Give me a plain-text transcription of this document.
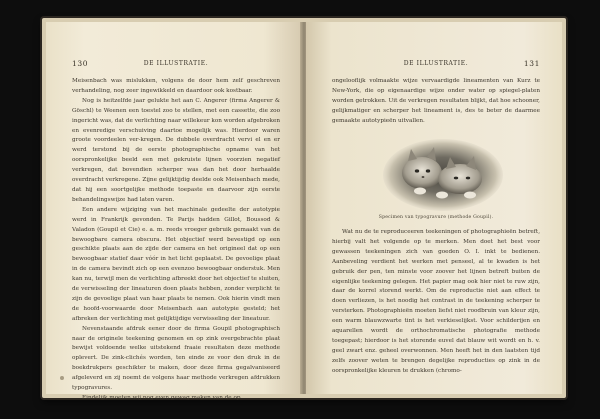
130	DE ILLUSTRATIE.

Meisenbach was mislukken, volgens de door hem zelf geschreven verhandeling, nog zeer ingewikkeld en daardoor ook kostbaar.

Nog is heitzelfde jaar gelukte het aan C. Angerer (firma Angerer & Göschl) te Weenen een toestel zoo te stellen, met een cassette, die zoo ingericht was, dat de verlichting naar willekeur kon worden afgebroken en evenredige verschuiving daartoe mogelijk was. Hierdoor waren groote voordeelen ver-kregen. De dubbele overdracht vervi el en er werd terstond bij de eerste photographische opname van het oorspronkelijke beeld een met gekruiste lijnen voorzien negatief verkregen, dat bovendien scherper was dan het door herhaalde overdracht verkregene. Zijne gelijktijdig deelde ook Meisenbach mede, dat hij een soortgelijke methode toepaste en daarvoor zijn eerste behandelingswijze had laten varen.

Een andere wijziging van het machinale gedeelte der autotypie werd in Frankrijk gevonden. Te Parijs hadden Gillot, Boussod & Valadon (Goupil et Cie) e. a. m. reeds vroeger gebruik gemaakt van de bewoogbare camera obscura. Het objectief werd bevestigd op een geschikte plaats aan de zijde der camera en het origineel dat op een bewoogbaar statief daar vóór in het licht geplaatst. De gevoelige plaat in de camera bevindt zich op een evenzoo bewoogbaar onderstuk. Men kan nu, terwijl men de verlichting afbreekt door het objectief te sluiten, de verwisseling der lineaturen doen plaats hebben, zonder verplicht te zijn de gevoelige plaat van haar plaats te nemen. Ook hierin vindt men de hoofd-voorwaarde door Meisenbach aan autotypie gesteld; het afbreken der verlichting met gelijktijdige verwisseling der lineatuur.

Nevenstaande afdruk eener door de firma Goupil photographisch naar de originele teekening genomen en op zink overgebrachte plaat bewijst voldoende welke uitstekend fraaie resultaten deze methode oplevert. De zink-clichés worden, ten einde ze voor den druk in de boekdrukpers geschikter te maken, door deze firma gegalvaniseerd afgeleverd en zij noemt de volgens haar methode verkregen afdrukken typogravures.

Eindelijk moeten wij nog even gewag maken van de op

DE ILLUSTRATIE.	131

ongelooflijk volmaakte wijze vervaardigde lineamenten van Kurz te New-York, die op eigenaardige wijze onder water op spiegel-platen worden getrokken. Uit de verkregen resultaten blijkt, dat hoe schooner, gelijkmatiger en scherper het lineament is, des te beter de daarmee gemaakte autotypieën uitvallen.

Specimen van typogravure (methode Goupil).

Wat nu de te reproduceeren teekeningen of photographieën betreft, hierbij valt het volgende op te merken. Men doet het best voor gewassen teekeningen zich van goeden O. I. inkt te bedienen. Aanbeveling verdient het werken met penseel, al te kwaden is het gebruik der pen, ten minste voor zoover het lijnen betreft buiten de eigenlijke teekening gelegen. Het papier mag ook hier niet te ruw zijn, daar de korrel storend werkt. Om de reproductie niet aan effect te doen verliezen, is het noodig het contrast in de teekening scherper te versterken. Photographieën moeten liefst niet roodbruin van kleur zijn, een warm blauwzwarte tint is het verkieselijkst. Voor schilderijen en aquarellen wordt de orthochromatische photografie methode toegepast; hierdoor is het storende euvel dat blauw wit wordt en h. v. geel zwart enz. geheel overwonnen. Men heeft het in den laatsten tijd zelfs zoover weten te brengen degelijke reproducties op zink in de oorspronkelijke kleuren te drukken (chromo-
